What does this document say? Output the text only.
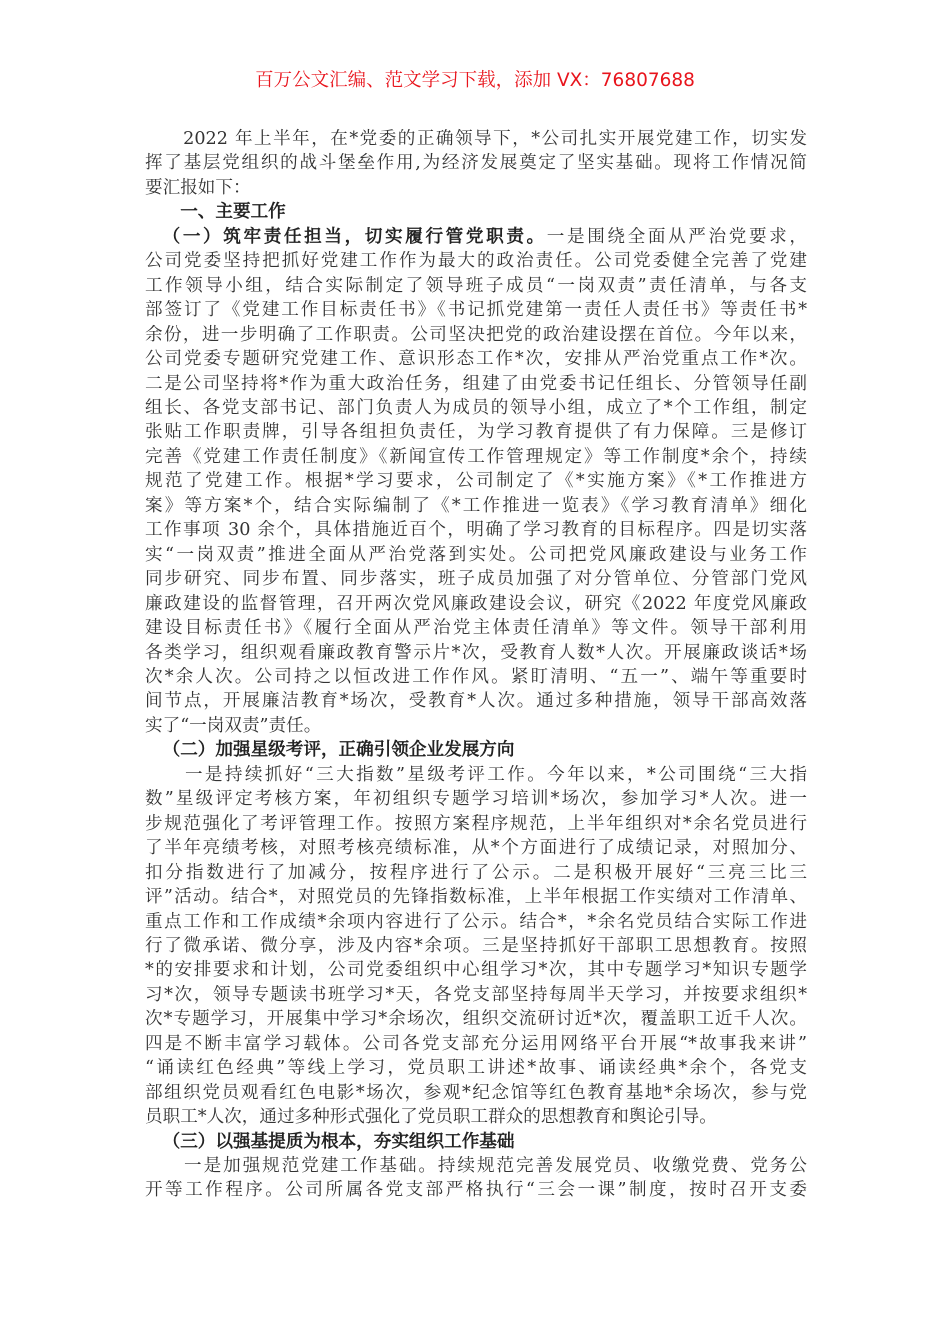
百万公文汇编、范文学习下载，添加 VX：76807688
　　2022 年上半年，在*党委的正确领导下，*公司扎实开展党建工作，切实发
挥了基层党组织的战斗堡垒作用,为经济发展奠定了坚实基础。现将工作情况简
要汇报如下：
一、主要工作
（一）筑牢责任担当，切实履行管党职责。一是围绕全面从严治党要求，
公司党委坚持把抓好党建工作作为最大的政治责任。公司党委健全完善了党建
工作领导小组，结合实际制定了领导班子成员“一岗双责”责任清单，与各支
部签订了《党建工作目标责任书》《书记抓党建第一责任人责任书》等责任书*
余份，进一步明确了工作职责。公司坚决把党的政治建设摆在首位。今年以来，
公司党委专题研究党建工作、意识形态工作*次，安排从严治党重点工作*次。
二是公司坚持将*作为重大政治任务，组建了由党委书记任组长、分管领导任副
组长、各党支部书记、部门负责人为成员的领导小组，成立了*个工作组，制定
张贴工作职责牌，引导各组担负责任，为学习教育提供了有力保障。三是修订
完善《党建工作责任制度》《新闻宣传工作管理规定》等工作制度*余个，持续
规范了党建工作。根据*学习要求，公司制定了《*实施方案》《*工作推进方
案》等方案*个，结合实际编制了《*工作推进一览表》《学习教育清单》细化
工作事项 30 余个，具体措施近百个，明确了学习教育的目标程序。四是切实落
实“一岗双责”推进全面从严治党落到实处。公司把党风廉政建设与业务工作
同步研究、同步布置、同步落实，班子成员加强了对分管单位、分管部门党风
廉政建设的监督管理，召开两次党风廉政建设会议，研究《2022 年度党风廉政
建设目标责任书》《履行全面从严治党主体责任清单》等文件。领导干部利用
各类学习，组织观看廉政教育警示片*次，受教育人数*人次。开展廉政谈话*场
次*余人次。公司持之以恒改进工作作风。紧盯清明、“五一”、端午等重要时
间节点，开展廉洁教育*场次，受教育*人次。通过多种措施，领导干部高效落
实了“一岗双责”责任。
（二）加强星级考评，正确引领企业发展方向
　　一是持续抓好“三大指数”星级考评工作。今年以来，*公司围绕“三大指
数”星级评定考核方案，年初组织专题学习培训*场次，参加学习*人次。进一
步规范强化了考评管理工作。按照方案程序规范，上半年组织对*余名党员进行
了半年亮绩考核，对照考核亮绩标准，从*个方面进行了成绩记录，对照加分、
扣分指数进行了加减分，按程序进行了公示。二是积极开展好“三亮三比三
评”活动。结合*，对照党员的先锋指数标准，上半年根据工作实绩对工作清单、
重点工作和工作成绩*余项内容进行了公示。结合*，*余名党员结合实际工作进
行了微承诺、微分享，涉及内容*余项。三是坚持抓好干部职工思想教育。按照
*的安排要求和计划，公司党委组织中心组学习*次，其中专题学习*知识专题学
习*次，领导专题读书班学习*天，各党支部坚持每周半天学习，并按要求组织*
次*专题学习，开展集中学习*余场次，组织交流研讨近*次，覆盖职工近千人次。
四是不断丰富学习载体。公司各党支部充分运用网络平台开展“*故事我来讲”
“诵读红色经典”等线上学习，党员职工讲述*故事、诵读经典*余个，各党支
部组织党员观看红色电影*场次，参观*纪念馆等红色教育基地*余场次，参与党
员职工*人次，通过多种形式强化了党员职工群众的思想教育和舆论引导。
（三）以强基提质为根本，夯实组织工作基础
　　一是加强规范党建工作基础。持续规范完善发展党员、收缴党费、党务公
开等工作程序。公司所属各党支部严格执行“三会一课”制度，按时召开支委
